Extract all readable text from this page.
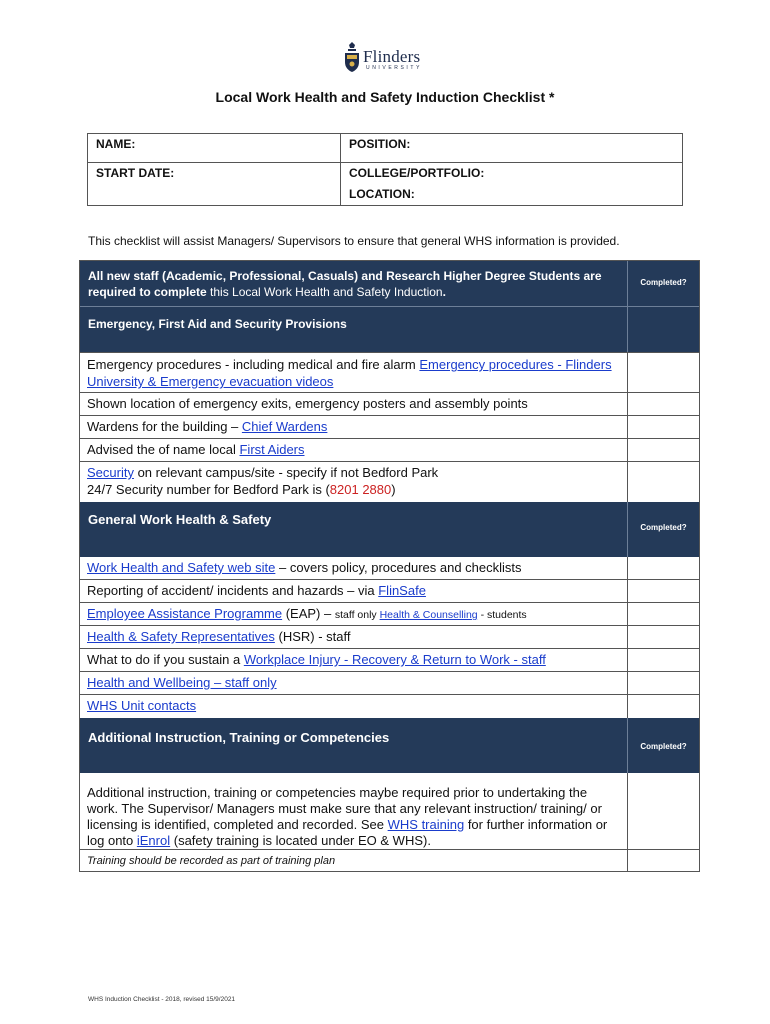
Flinders
UNIVERSITY
Local Work Health and Safety Induction Checklist *
NAME:	POSITION:

START DATE:	COLLEGE/PORTFOLIO:
LOCATION:
This checklist will assist Managers/ Supervisors to ensure that general WHS information is provided.
All new staff (Academic, Professional, Casuals) and Research Higher Degree Students are required to complete this Local Work Health and Safety Induction.
Completed?
Emergency, First Aid and Security Provisions
Emergency procedures - including medical and fire alarm Emergency procedures - Flinders University & Emergency evacuation videos
Shown location of emergency exits, emergency posters and assembly points
Wardens for the building – Chief Wardens
Advised the of name local First Aiders
Security on relevant campus/site - specify if not Bedford Park
24/7 Security number for Bedford Park is (8201 2880)
General Work Health & Safety
Completed?
Work Health and Safety web site – covers policy, procedures and checklists
Reporting of accident/ incidents and hazards – via FlinSafe
Employee Assistance Programme (EAP) – staff only Health & Counselling - students
Health & Safety Representatives (HSR) - staff
What to do if you sustain a Workplace Injury - Recovery & Return to Work - staff
Health and Wellbeing – staff only
WHS Unit contacts
Additional Instruction, Training or Competencies
Completed?
Additional instruction, training or competencies maybe required prior to undertaking the work. The Supervisor/ Managers must make sure that any relevant instruction/ training/ or licensing is identified, completed and recorded. See WHS training for further information or log onto iEnrol (safety training is located under EO & WHS).
Training should be recorded as part of training plan
WHS Induction Checklist - 2018, revised 15/9/2021
